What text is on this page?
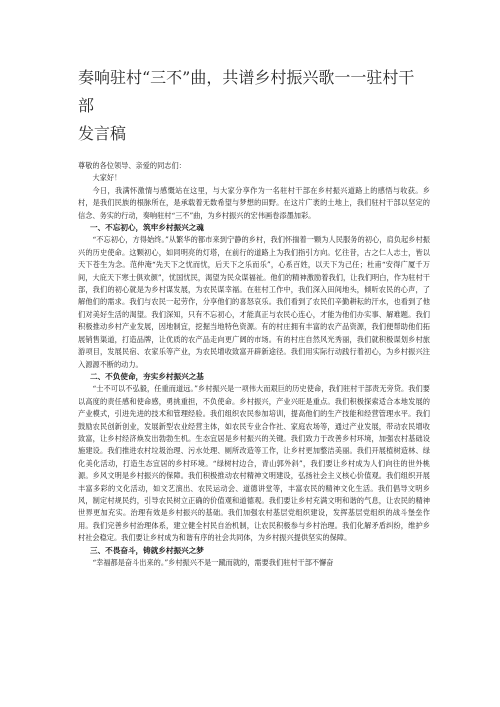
奏响驻村“三不”曲，共谱乡村振兴歌一一驻村干部
发言稿

尊敬的各位领导、亲爱的同志们：

大家好！

今日，我满怀激情与感慨站在这里，与大家分享作为一名驻村干部在乡村振兴道路上的感悟与收获。乡村，是我们民族的根脉所在，是承载着无数希望与梦想的田野。在这片广袤的土地上，我们驻村干部以坚定的信念、务实的行动，奏响驻村“三不”曲，为乡村振兴的宏伟画卷添墨加彩。

一、不忘初心，筑牢乡村振兴之魂

“不忘初心，方得始终。”从繁华的都市来到宁静的乡村，我们怀揣着一颗为人民服务的初心，肩负起乡村振兴的历史使命。这颗初心，如同明亮的灯塔，在前行的道路上为我们指引方向。忆往昔，古之仁人志士，皆以天下苍生为念。范仲淹“先天下之忧而忧，后天下之乐而乐”，心系百姓，以天下为己任；杜甫“安得广厦千万间，大庇天下寒士俱欢颜”，忧国忧民，渴望为民众谋福祉。他们的精神激励着我们，让我们明白，作为驻村干部，我们的初心就是为乡村谋发展，为农民谋幸福。在驻村工作中，我们深入田间地头，倾听农民的心声，了解他们的需求。我们与农民一起劳作，分享他们的喜怒哀乐。我们看到了农民们辛勤耕耘的汗水，也看到了他们对美好生活的渴望。我们深知，只有不忘初心，才能真正与农民心连心，才能为他们办实事、解难题。我们积极推动乡村产业发展，因地制宜，挖掘当地特色资源。有的村庄拥有丰富的农产品资源，我们便帮助他们拓展销售渠道，打造品牌，让优质的农产品走向更广阔的市场。有的村庄自然风光秀丽，我们就积极谋划乡村旅游项目，发展民宿、农家乐等产业，为农民增收致富开辟新途径。我们用实际行动践行着初心，为乡村振兴注入源源不断的动力。

二、不负使命，夯实乡村振兴之基

“士不可以不弘毅，任重而道远。”乡村振兴是一项伟大而艰巨的历史使命，我们驻村干部责无旁贷。我们要以高度的责任感和使命感，勇挑重担，不负使命。乡村振兴，产业兴旺是重点。我们积极探索适合本地发展的产业模式，引进先进的技术和管理经验。我们组织农民参加培训，提高他们的生产技能和经营管理水平。我们鼓励农民创新创业，发展新型农业经营主体，如农民专业合作社、家庭农场等，通过产业发展，带动农民增收致富，让乡村经济焕发出勃勃生机。生态宜居是乡村振兴的关键。我们致力于改善乡村环境，加强农村基础设施建设。我们推进农村垃圾治理、污水处理、厕所改造等工作，让乡村更加整洁美丽。我们开展植树造林、绿化美化活动，打造生态宜居的乡村环境。“绿树村边合，青山郭外斜”，我们要让乡村成为人们向往的世外桃源。乡风文明是乡村振兴的保障。我们积极推动农村精神文明建设，弘扬社会主义核心价值观。我们组织开展丰富多彩的文化活动，如文艺演出、农民运动会、道德讲堂等，丰富农民的精神文化生活。我们倡导文明乡风，制定村规民约，引导农民树立正确的价值观和道德观。我们要让乡村充满文明和谐的气息，让农民的精神世界更加充实。治理有效是乡村振兴的基础。我们加强农村基层党组织建设，发挥基层党组织的战斗堡垒作用。我们完善乡村治理体系，建立健全村民自治机制，让农民积极参与乡村治理。我们化解矛盾纠纷，维护乡村社会稳定。我们要让乡村成为和谐有序的社会共同体，为乡村振兴提供坚实的保障。

三、不畏奋斗，铸就乡村振兴之梦

“幸福都是奋斗出来的。”乡村振兴不是一蹴而就的，需要我们驻村干部不懈奋
